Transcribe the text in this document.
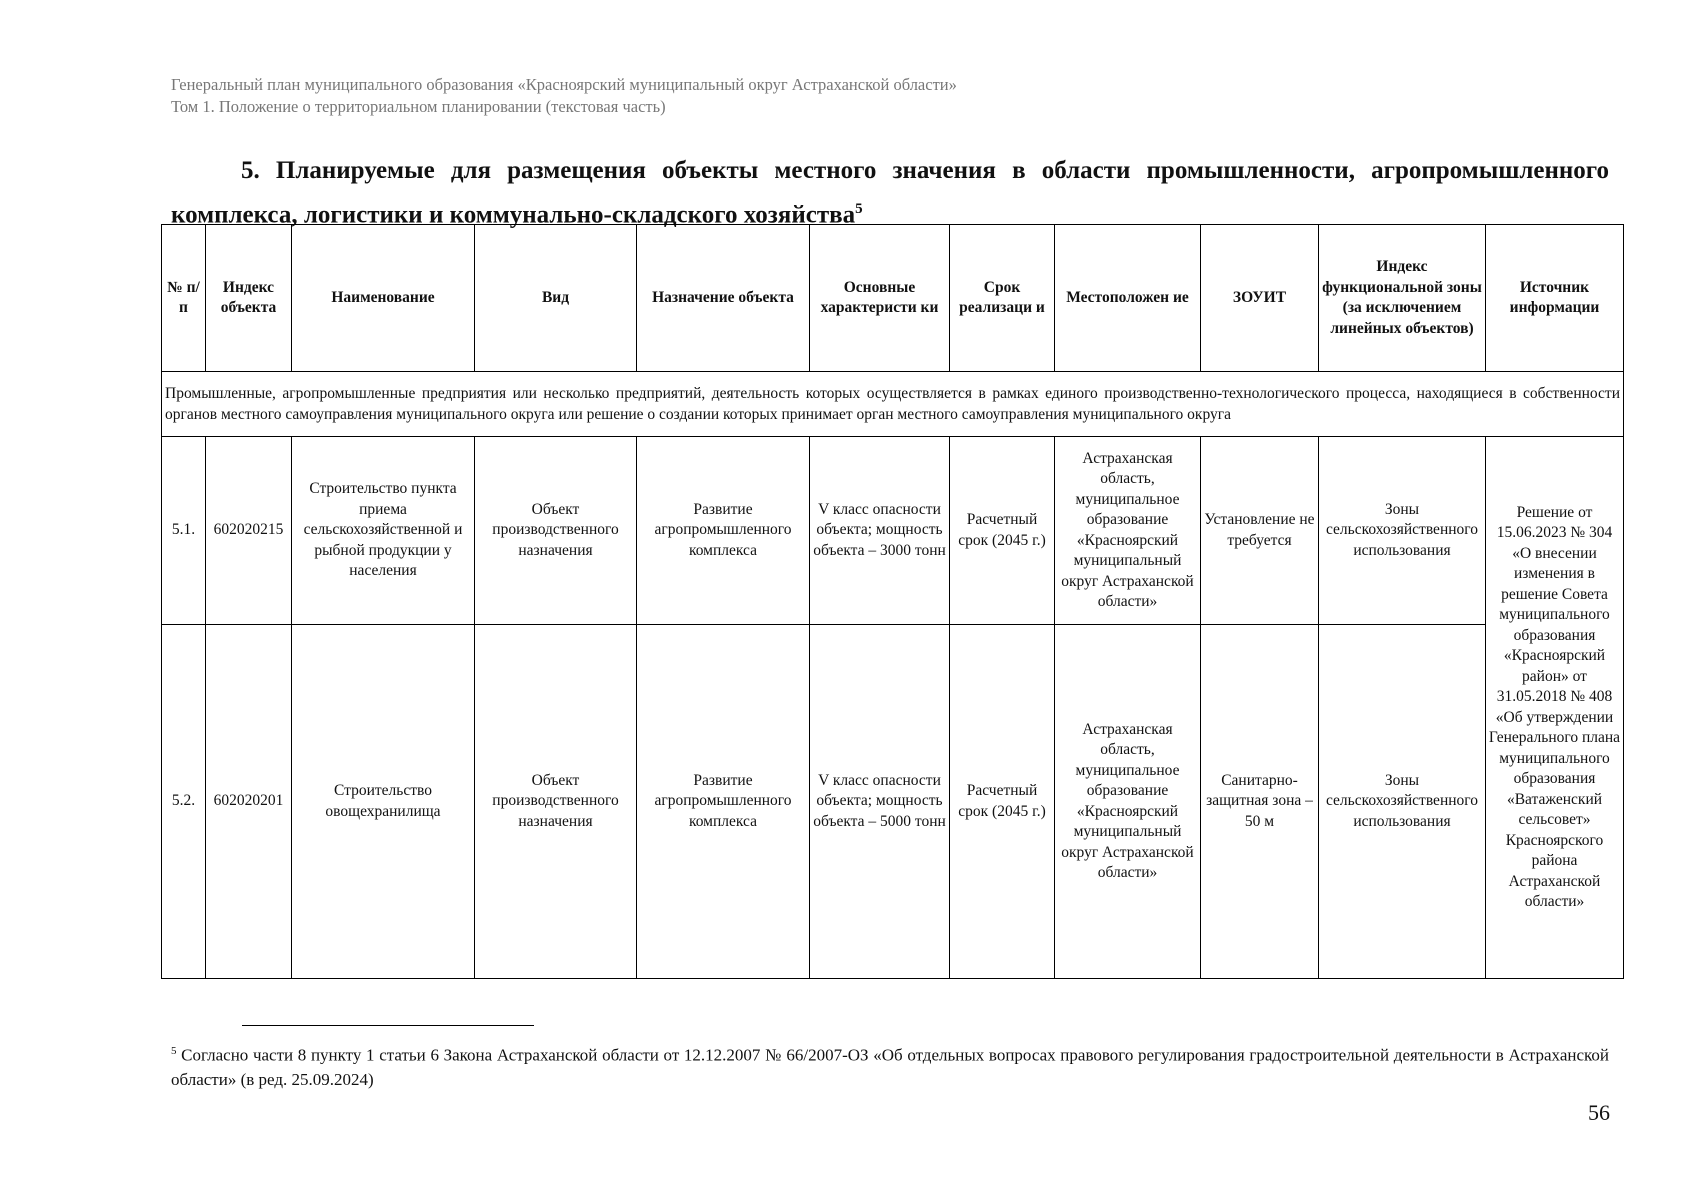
Генеральный план муниципального образования «Красноярский муниципальный округ Астраханской области»
Том 1. Положение о территориальном планировании (текстовая часть)
5. Планируемые для размещения объекты местного значения в области промышленности, агропромышленного комплекса, логистики и коммунально-складского хозяйства$^5$
№ п/ п	Индекс объекта	Наименование	Вид	Назначение объекта	Основные характеристи ки	Срок реализаци и	Местоположен ие	ЗОУИТ	Индекс функциональной зоны (за исключением линейных объектов)	Источник информации
Промышленные, агропромышленные предприятия или несколько предприятий, деятельность которых осуществляется в рамках единого производственно-технологического процесса, находящиеся в собственности органов местного самоуправления муниципального округа или решение о создании которых принимает орган местного самоуправления муниципального округа										
5.1.	602020215	Строительство пункта приема сельскохозяйственной и рыбной продукции у населения	Объект производственного назначения	Развитие агропромышленного комплекса	V класс опасности объекта; мощность объекта – 3000 тонн	Расчетный срок (2045 г.)	Астраханская область, муниципальное образование «Красноярский муниципальный округ Астраханской области»	Установление не требуется	Зоны сельскохозяйственного использования	Решение от 15.06.2023 № 304 «О внесении изменения в решение Совета муниципального образования «Красноярский район» от 31.05.2018 № 408 «Об утверждении Генерального плана муниципального образования «Ватаженский сельсовет» Красноярского района Астраханской области»
5.2.	602020201	Строительство овощехранилища	Объект производственного назначения	Развитие агропромышленного комплекса	V класс опасности объекта; мощность объекта – 5000 тонн	Расчетный срок (2045 г.)	Астраханская область, муниципальное образование «Красноярский муниципальный округ Астраханской области»	Санитарно-защитная зона – 50 м	Зоны сельскохозяйственного использования	
$^5$ Согласно части 8 пункту 1 статьи 6 Закона Астраханской области от 12.12.2007 № 66/2007-ОЗ «Об отдельных вопросах правового регулирования градостроительной деятельности в Астраханской области» (в ред. 25.09.2024)
56
